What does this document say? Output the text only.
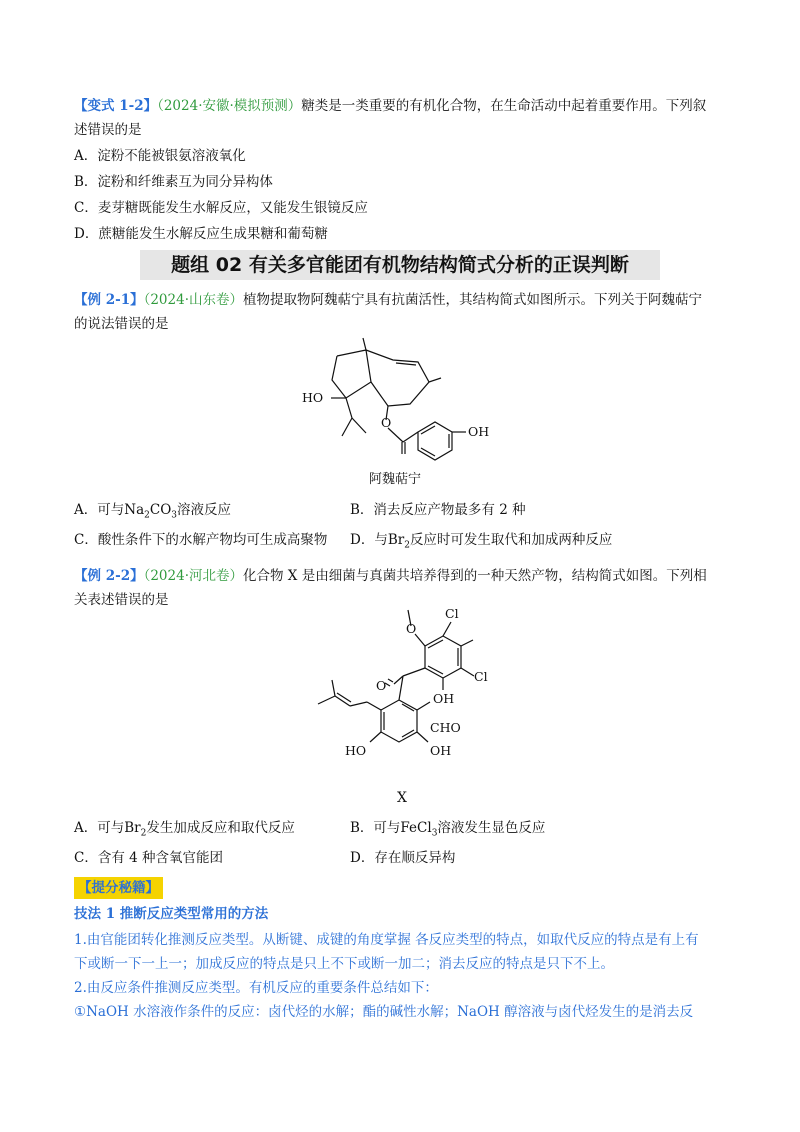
【变式 1-2】（2024·安徽·模拟预测）糖类是一类重要的有机化合物，在生命活动中起着重要作用。下列叙
述错误的是
A．淀粉不能被银氨溶液氧化
B．淀粉和纤维素互为同分异构体
C．麦芽糖既能发生水解反应，又能发生银镜反应
D．蔗糖能发生水解反应生成果糖和葡萄糖
题组 02 有关多官能团有机物结构简式分析的正误判断
【例 2-1】（2024·山东卷）植物提取物阿魏萜宁具有抗菌活性，其结构简式如图所示。下列关于阿魏萜宁
的说法错误的是
HO
O
OH
阿魏萜宁
A．可与$Na_2CO_3$溶液反应	B．消去反应产物最多有 2 种
C．酸性条件下的水解产物均可生成高聚物 D．与$Br_2$反应时可发生取代和加成两种反应
【例 2-2】（2024·河北卷）化合物 X 是由细菌与真菌共培养得到的一种天然产物，结构简式如图。下列相
关表述错误的是
Cl
Cl
O
O
OH
CHO
HO	OH
X
A．可与$Br_2$发生加成反应和取代反应	B．可与FeCl$_3$溶液发生显色反应
C．含有 4 种含氧官能团	D．存在顺反异构
【提分秘籍】
技法 1 推断反应类型常用的方法
1.由官能团转化推测反应类型。从断键、成键的角度掌握 各反应类型的特点，如取代反应的特点是有上有
下或断一下一上一；加成反应的特点是只上不下或断一加二；消去反应的特点是只下不上。
2.由反应条件推测反应类型。有机反应的重要条件总结如下：
①NaOH 水溶液作条件的反应：卤代烃的水解；酯的碱性水解；NaOH 醇溶液与卤代烃发生的是消去反
